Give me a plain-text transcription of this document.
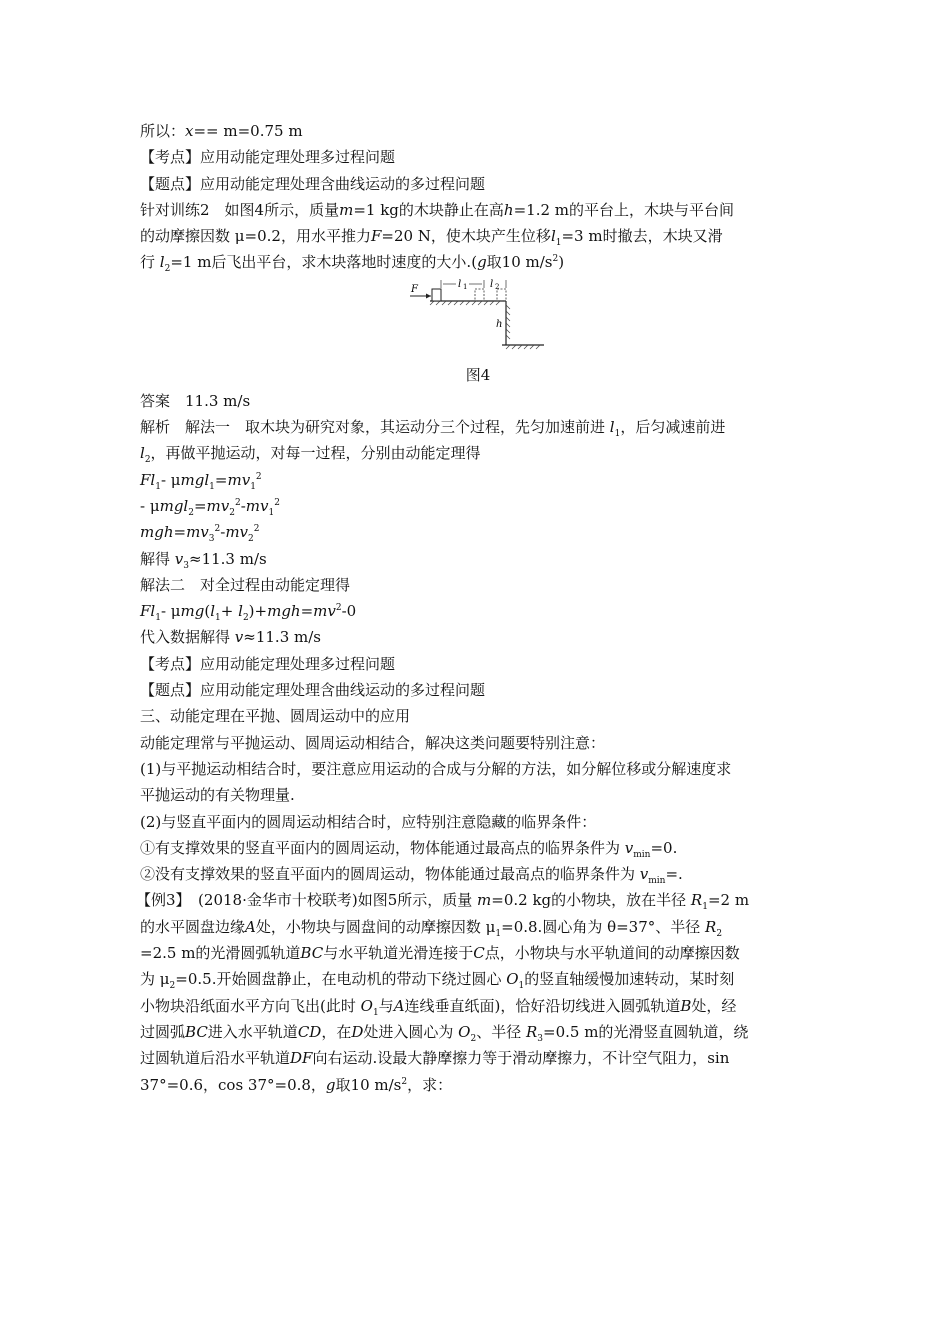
所以：x== m=0.75 m
【考点】应用动能定理处理多过程问题
【题点】应用动能定理处理含曲线运动的多过程问题
针对训练2　如图4所示，质量m=1 kg的木块静止在高h=1.2 m的平台上，木块与平台间
的动摩擦因数 μ=0.2，用水平推力F=20 N，使木块产生位移$l_1=3$ m时撤去，木块又滑
行 $l_2=1$ m后飞出平台，求木块落地时速度的大小.(g取10 $m/s^2$)
F	l 1 l 2
h
图4
答案　11.3 m/s
解析　解法一　取木块为研究对象，其运动分三个过程，先匀加速前进 $l_1$，后匀减速前进
$l_2$，再做平抛运动，对每一过程，分别由动能定理得
$Fl_1-$ $\mu mgl_1=mv_1^2$
- $\mu mgl_2=mv_2^2-mv_1^2$
$mgh=mv_3^2-mv_2^2$
解得 $v_3\approx 11.3$ m/s
解法二　对全过程由动能定理得
$Fl_1-$ $\mu mg(l_1+ l_2)+mgh=mv^2-0$
代入数据解得 v≈11.3 m/s
【考点】应用动能定理处理多过程问题
【题点】应用动能定理处理含曲线运动的多过程问题
三、动能定理在平抛、圆周运动中的应用
动能定理常与平抛运动、圆周运动相结合，解决这类问题要特别注意：
(1)与平抛运动相结合时，要注意应用运动的合成与分解的方法，如分解位移或分解速度求
平抛运动的有关物理量.
(2)与竖直平面内的圆周运动相结合时，应特别注意隐藏的临界条件：
①有支撑效果的竖直平面内的圆周运动，物体能通过最高点的临界条件为 $v_{min}=0$.
②没有支撑效果的竖直平面内的圆周运动，物体能通过最高点的临界条件为 $v_{min}=$.
【例3】　(2018·金华市十校联考)如图5所示，质量 m=0.2 kg的小物块，放在半径 $R_1=2$ m
的水平圆盘边缘A处，小物块与圆盘间的动摩擦因数 $\mu_1=0.8$.圆心角为 θ=37°、半径 $R_2$
=2.5 m的光滑圆弧轨道BC与水平轨道光滑连接于C点，小物块与水平轨道间的动摩擦因数
为 $\mu_2=0.5$.开始圆盘静止，在电动机的带动下绕过圆心 $O_1$的竖直轴缓慢加速转动，某时刻
小物块沿纸面水平方向飞出(此时 $O_1$与A连线垂直纸面)，恰好沿切线进入圆弧轨道B处，经
过圆弧BC进入水平轨道CD，在D处进入圆心为 $O_2$、半径 $R_3=0.5$ m的光滑竖直圆轨道，绕
过圆轨道后沿水平轨道DF向右运动.设最大静摩擦力等于滑动摩擦力，不计空气阻力，sin
37°=0.6，cos 37°=0.8，g取10 $m/s^2$，求：
